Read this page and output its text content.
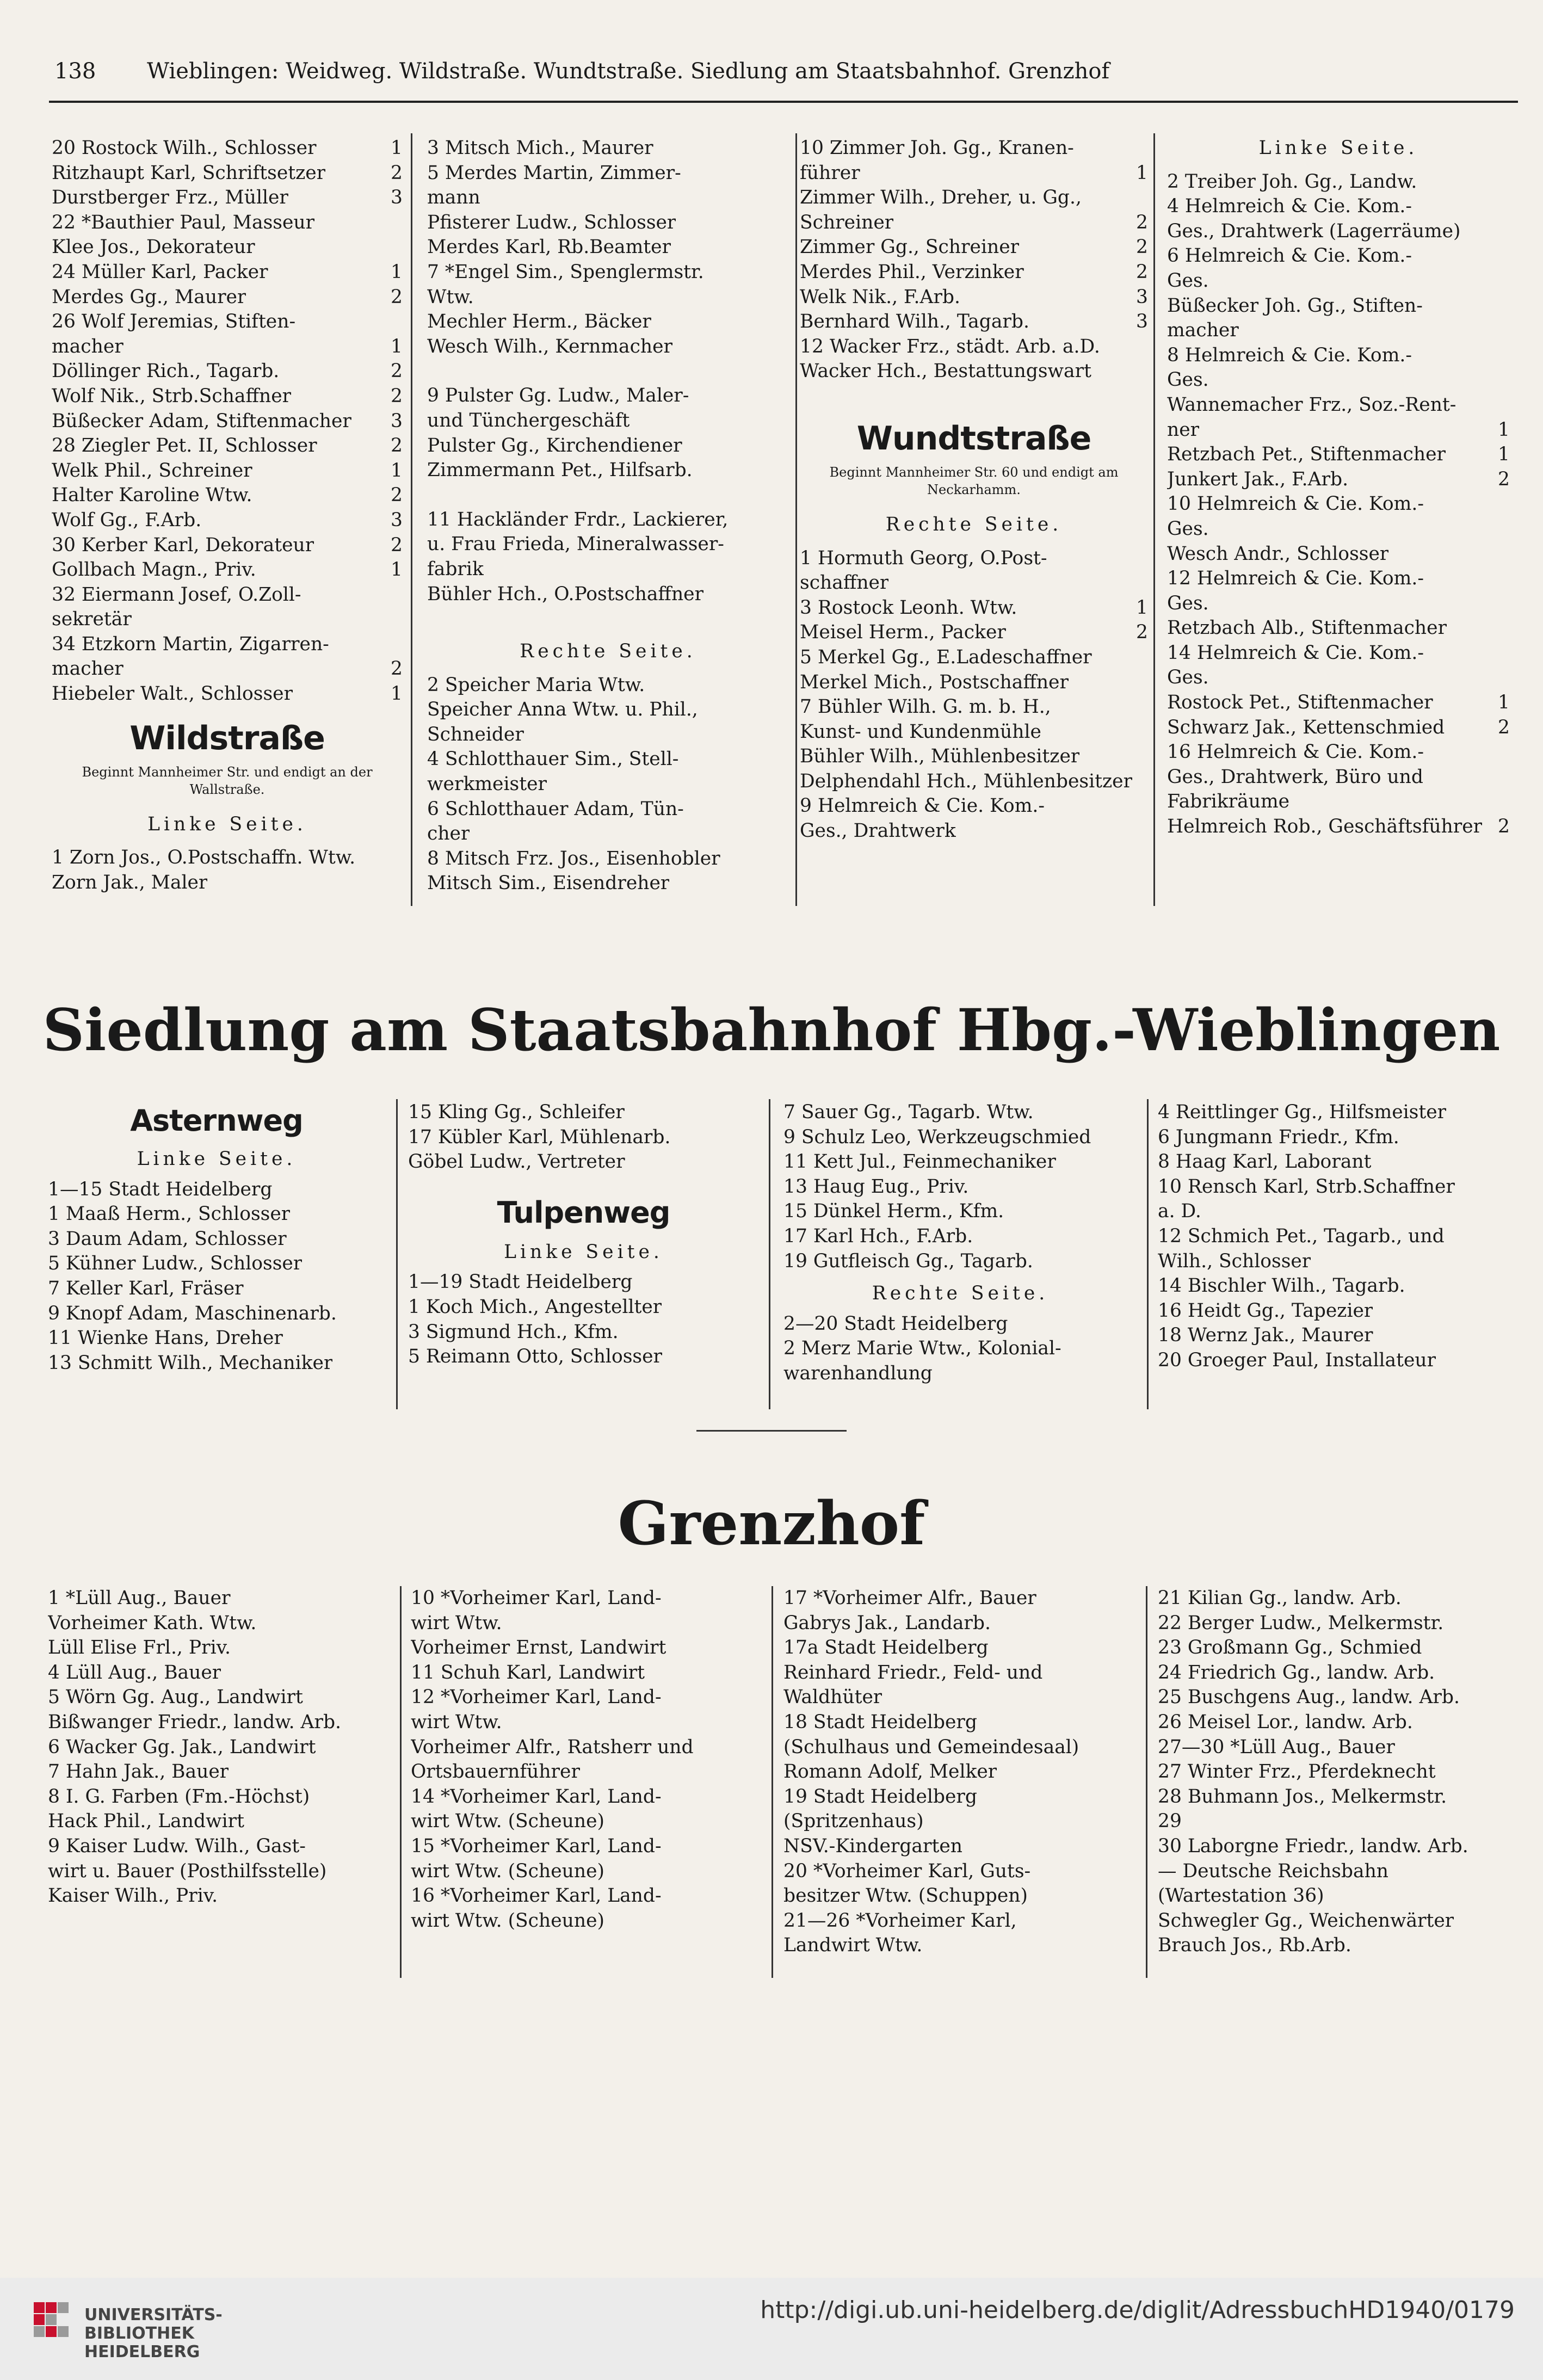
138 Wieblingen: Weidweg. Wildstraße. Wundtstraße. Siedlung am Staatsbahnhof. Grenzhof
20 Rostock Wilh., Schlosser	1
Ritzhaupt Karl, Schriftsetzer	2
Durstberger Frz., Müller	3
22 *Bauthier Paul, Masseur
Klee Jos., Dekorateur
24 Müller Karl, Packer	1
Merdes Gg., Maurer	2
26 Wolf Jeremias, Stiften-
macher	1
Döllinger Rich., Tagarb.	2
Wolf Nik., Strb.Schaffner	2
Büßecker Adam, Stiftenmacher 3
28 Ziegler Pet. II, Schlosser	2
Welk Phil., Schreiner	1
Halter Karoline Wtw.	2
Wolf Gg., F.Arb.	3
30 Kerber Karl, Dekorateur	2
Gollbach Magn., Priv.	1
32 Eiermann Josef, O.Zoll-
sekretär
34 Etzkorn Martin, Zigarren-
macher	2
Hiebeler Walt., Schlosser	1
Wildstraße
Beginnt Mannheimer Str. und endigt an der Wallstraße.
Linke Seite.
1 Zorn Jos., O.Postschaffn. Wtw.
Zorn Jak., Maler
3 Mitsch Mich., Maurer
5 Merdes Martin, Zimmer-
mann
Pfisterer Ludw., Schlosser
Merdes Karl, Rb.Beamter
7 *Engel Sim., Spenglermstr.
Wtw.
Mechler Herm., Bäcker
Wesch Wilh., Kernmacher
9 Pulster Gg. Ludw., Maler-
und Tünchergeschäft
Pulster Gg., Kirchendiener
Zimmermann Pet., Hilfsarb.
11 Hackländer Frdr., Lackierer,
u. Frau Frieda, Mineralwasser-
fabrik
Bühler Hch., O.Postschaffner
Rechte Seite.
2 Speicher Maria Wtw.
Speicher Anna Wtw. u. Phil.,
Schneider
4 Schlotthauer Sim., Stell-
werkmeister
6 Schlotthauer Adam, Tün-
cher
8 Mitsch Frz. Jos., Eisenhobler
Mitsch Sim., Eisendreher
10 Zimmer Joh. Gg., Kranen-
führer	1
Zimmer Wilh., Dreher, u. Gg.,
Schreiner	2
Zimmer Gg., Schreiner	2
Merdes Phil., Verzinker	2
Welk Nik., F.Arb.	3
Bernhard Wilh., Tagarb.	3
12 Wacker Frz., städt. Arb. a.D.
Wacker Hch., Bestattungswart
Wundtstraße
Beginnt Mannheimer Str. 60 und endigt am Neckarhamm.
Rechte Seite.
1 Hormuth Georg, O.Post-
schaffner
3 Rostock Leonh. Wtw.	1
Meisel Herm., Packer	2
5 Merkel Gg., E.Ladeschaffner
Merkel Mich., Postschaffner
7 Bühler Wilh. G. m. b. H.,
Kunst- und Kundenmühle
Bühler Wilh., Mühlenbesitzer
Delphendahl Hch., Mühlenbesitzer
9 Helmreich & Cie. Kom.-
Ges., Drahtwerk
Linke Seite.
2 Treiber Joh. Gg., Landw.
4 Helmreich & Cie. Kom.-
Ges., Drahtwerk (Lagerräume)
6 Helmreich & Cie. Kom.-
Ges.
Büßecker Joh. Gg., Stiften-
macher
8 Helmreich & Cie. Kom.-
Ges.
Wannemacher Frz., Soz.-Rent-
ner	1
Retzbach Pet., Stiftenmacher	1
Junkert Jak., F.Arb.	2
10 Helmreich & Cie. Kom.-
Ges.
Wesch Andr., Schlosser
12 Helmreich & Cie. Kom.-
Ges.
Retzbach Alb., Stiftenmacher
14 Helmreich & Cie. Kom.-
Ges.
Rostock Pet., Stiftenmacher	1
Schwarz Jak., Kettenschmied	2
16 Helmreich & Cie. Kom.-
Ges., Drahtwerk, Büro und
Fabrikräume
Helmreich Rob., Geschäftsführer 2
Siedlung am Staatsbahnhof Hbg.-Wieblingen
Asternweg
Linke Seite.
1—15 Stadt Heidelberg
1 Maaß Herm., Schlosser
3 Daum Adam, Schlosser
5 Kühner Ludw., Schlosser
7 Keller Karl, Fräser
9 Knopf Adam, Maschinenarb.
11 Wienke Hans, Dreher
13 Schmitt Wilh., Mechaniker
15 Kling Gg., Schleifer
17 Kübler Karl, Mühlenarb.
Göbel Ludw., Vertreter
Tulpenweg
Linke Seite.
1—19 Stadt Heidelberg
1 Koch Mich., Angestellter
3 Sigmund Hch., Kfm.
5 Reimann Otto, Schlosser
7 Sauer Gg., Tagarb. Wtw.
9 Schulz Leo, Werkzeugschmied
11 Kett Jul., Feinmechaniker
13 Haug Eug., Priv.
15 Dünkel Herm., Kfm.
17 Karl Hch., F.Arb.
19 Gutfleisch Gg., Tagarb.
Rechte Seite.
2—20 Stadt Heidelberg
2 Merz Marie Wtw., Kolonial-
warenhandlung
4 Reittlinger Gg., Hilfsmeister
6 Jungmann Friedr., Kfm.
8 Haag Karl, Laborant
10 Rensch Karl, Strb.Schaffner
a. D.
12 Schmich Pet., Tagarb., und
Wilh., Schlosser
14 Bischler Wilh., Tagarb.
16 Heidt Gg., Tapezier
18 Wernz Jak., Maurer
20 Groeger Paul, Installateur
Grenzhof
1 *Lüll Aug., Bauer
Vorheimer Kath. Wtw.
Lüll Elise Frl., Priv.
4 Lüll Aug., Bauer
5 Wörn Gg. Aug., Landwirt
Bißwanger Friedr., landw. Arb.
6 Wacker Gg. Jak., Landwirt
7 Hahn Jak., Bauer
8 I. G. Farben (Fm.-Höchst)
Hack Phil., Landwirt
9 Kaiser Ludw. Wilh., Gast-
wirt u. Bauer (Posthilfsstelle)
Kaiser Wilh., Priv.
10 *Vorheimer Karl, Land-
wirt Wtw.
Vorheimer Ernst, Landwirt
11 Schuh Karl, Landwirt
12 *Vorheimer Karl, Land-
wirt Wtw.
Vorheimer Alfr., Ratsherr und
Ortsbauernführer
14 *Vorheimer Karl, Land-
wirt Wtw. (Scheune)
15 *Vorheimer Karl, Land-
wirt Wtw. (Scheune)
16 *Vorheimer Karl, Land-
wirt Wtw. (Scheune)
17 *Vorheimer Alfr., Bauer
Gabrys Jak., Landarb.
17a Stadt Heidelberg
Reinhard Friedr., Feld- und
Waldhüter
18 Stadt Heidelberg
(Schulhaus und Gemeindesaal)
Romann Adolf, Melker
19 Stadt Heidelberg
(Spritzenhaus)
NSV.-Kindergarten
20 *Vorheimer Karl, Guts-
besitzer Wtw. (Schuppen)
21—26 *Vorheimer Karl,
Landwirt Wtw.
21 Kilian Gg., landw. Arb.
22 Berger Ludw., Melkermstr.
23 Großmann Gg., Schmied
24 Friedrich Gg., landw. Arb.
25 Buschgens Aug., landw. Arb.
26 Meisel Lor., landw. Arb.
27—30 *Lüll Aug., Bauer
27 Winter Frz., Pferdeknecht
28 Buhmann Jos., Melkermstr.
29
30 Laborgne Friedr., landw. Arb.
— Deutsche Reichsbahn
(Wartestation 36)
Schwegler Gg., Weichenwärter
Brauch Jos., Rb.Arb.
UNIVERSITÄTS-
BIBLIOTHEK
HEIDELBERG
http://digi.ub.uni-heidelberg.de/diglit/AdressbuchHD1940/0179
